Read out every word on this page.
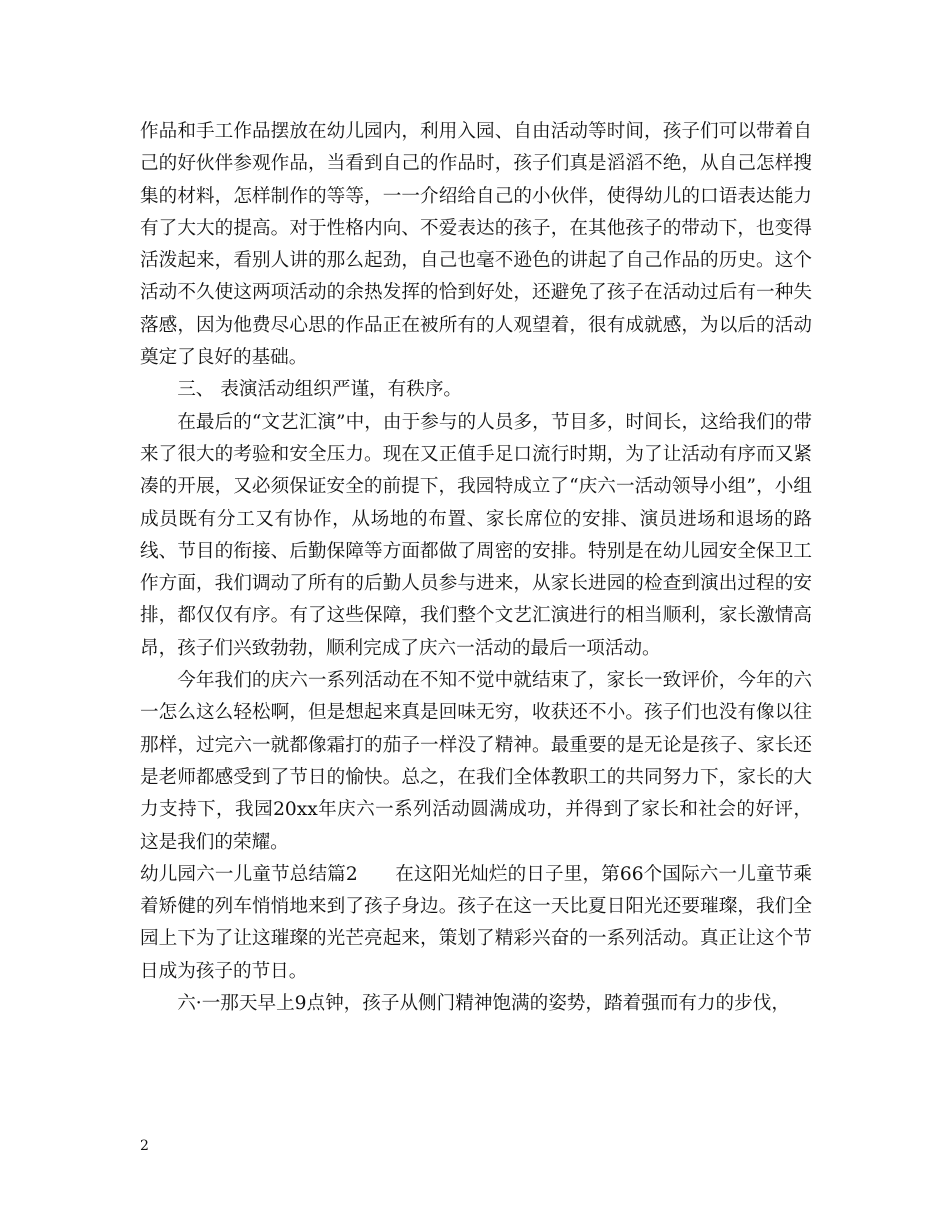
作品和手工作品摆放在幼儿园内，利用入园、自由活动等时间，孩子们可以带着自己的好伙伴参观作品，当看到自己的作品时，孩子们真是滔滔不绝，从自己怎样搜集的材料，怎样制作的等等，一一介绍给自己的小伙伴，使得幼儿的口语表达能力有了大大的提高。对于性格内向、不爱表达的孩子，在其他孩子的带动下，也变得活泼起来，看别人讲的那么起劲，自己也毫不逊色的讲起了自己作品的历史。这个活动不久使这两项活动的余热发挥的恰到好处，还避免了孩子在活动过后有一种失落感，因为他费尽心思的作品正在被所有的人观望着，很有成就感，为以后的活动奠定了良好的基础。

三、 表演活动组织严谨，有秩序。

在最后的“文艺汇演”中，由于参与的人员多，节目多，时间长，这给我们的带来了很大的考验和安全压力。现在又正值手足口流行时期，为了让活动有序而又紧凑的开展，又必须保证安全的前提下，我园特成立了“庆六一活动领导小组”，小组成员既有分工又有协作，从场地的布置、家长席位的安排、演员进场和退场的路线、节目的衔接、后勤保障等方面都做了周密的安排。特别是在幼儿园安全保卫工作方面，我们调动了所有的后勤人员参与进来，从家长进园的检查到演出过程的安排，都仅仅有序。有了这些保障，我们整个文艺汇演进行的相当顺利，家长激情高昂，孩子们兴致勃勃，顺利完成了庆六一活动的最后一项活动。

今年我们的庆六一系列活动在不知不觉中就结束了，家长一致评价，今年的六一怎么这么轻松啊，但是想起来真是回味无穷，收获还不小。孩子们也没有像以往那样，过完六一就都像霜打的茄子一样没了精神。最重要的是无论是孩子、家长还是老师都感受到了节日的愉快。总之，在我们全体教职工的共同努力下，家长的大力支持下，我园20xx年庆六一系列活动圆满成功，并得到了家长和社会的好评，这是我们的荣耀。

幼儿园六一儿童节总结篇2　　在这阳光灿烂的日子里，第66个国际六一儿童节乘着矫健的列车悄悄地来到了孩子身边。孩子在这一天比夏日阳光还要璀璨，我们全园上下为了让这璀璨的光芒亮起来，策划了精彩兴奋的一系列活动。真正让这个节日成为孩子的节日。

六·一那天早上9点钟，孩子从侧门精神饱满的姿势，踏着强而有力的步伐，

2
